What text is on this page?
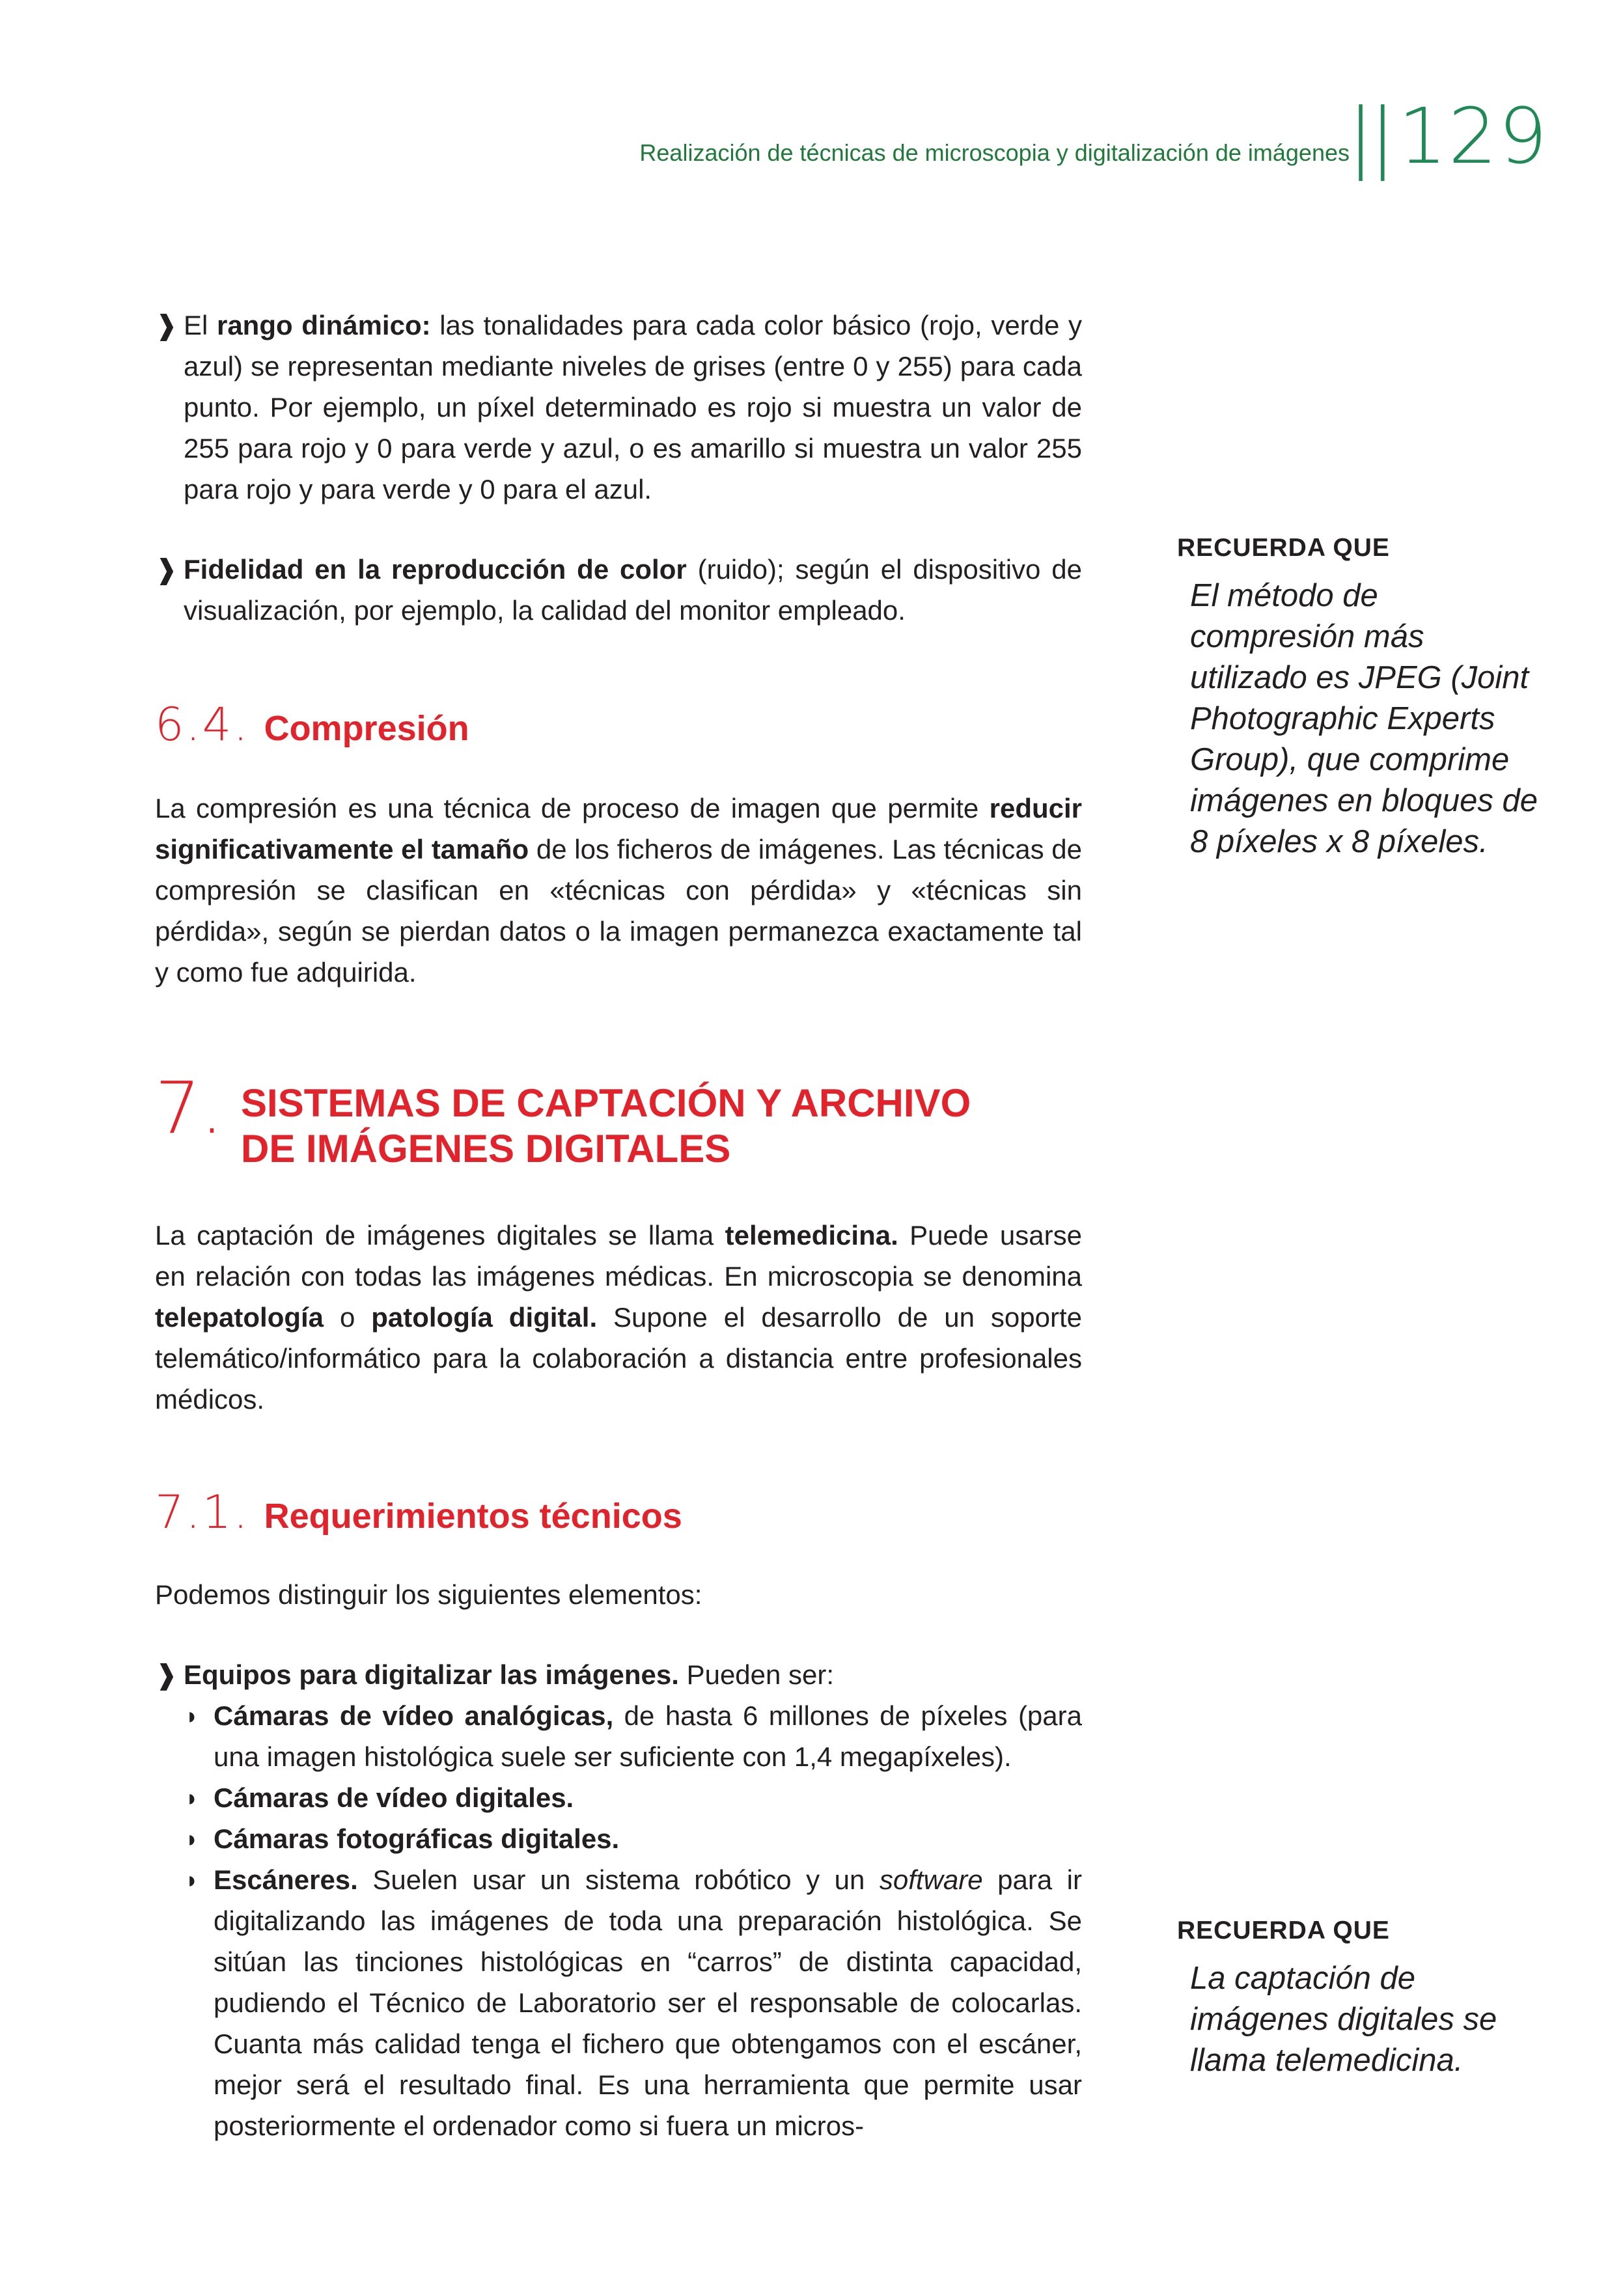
Realización de técnicas de microscopia y digitalización de imágenes
||129
❱ El rango dinámico: las tonalidades para cada color básico (rojo, verde y azul) se representan mediante niveles de grises (entre 0 y 255) para cada punto. Por ejemplo, un píxel determinado es rojo si muestra un valor de 255 para rojo y 0 para verde y azul, o es amarillo si muestra un valor 255 para rojo y para verde y 0 para el azul.

❱ Fidelidad en la reproducción de color (ruido); según el dispositivo de visualización, por ejemplo, la calidad del monitor empleado.

6.4. Compresión

La compresión es una técnica de proceso de imagen que permite reducir significativamente el tamaño de los ficheros de imágenes. Las técnicas de compresión se clasifican en «técnicas con pérdida» y «técnicas sin pérdida», según se pierdan datos o la imagen permanezca exactamente tal y como fue adquirida.

7. SISTEMAS DE CAPTACIÓN Y ARCHIVO
DE IMÁGENES DIGITALES

La captación de imágenes digitales se llama telemedicina. Puede usarse en relación con todas las imágenes médicas. En microscopia se denomina telepatología o patología digital. Supone el desarrollo de un soporte telemático/informático para la colaboración a distancia entre profesionales médicos.

7.1. Requerimientos técnicos

Podemos distinguir los siguientes elementos:

❱ Equipos para digitalizar las imágenes. Pueden ser:

◗ Cámaras de vídeo analógicas, de hasta 6 millones de píxeles (para una imagen histológica suele ser suficiente con 1,4 megapíxeles).

◗ Cámaras de vídeo digitales.

◗ Cámaras fotográficas digitales.

◗ Escáneres. Suelen usar un sistema robótico y un software para ir digitalizando las imágenes de toda una preparación histológica. Se sitúan las tinciones histológicas en “carros” de distinta capacidad, pudiendo el Técnico de Laboratorio ser el responsable de colocarlas. Cuanta más calidad tenga el fichero que obtengamos con el escáner, mejor será el resultado final. Es una herramienta que permite usar posteriormente el ordenador como si fuera un micros-

RECUERDA QUE
El método de compresión más utilizado es JPEG (Joint Photographic Experts Group), que comprime imágenes en bloques de 8 píxeles x 8 píxeles.
RECUERDA QUE
La captación de imágenes digitales se llama telemedicina.
